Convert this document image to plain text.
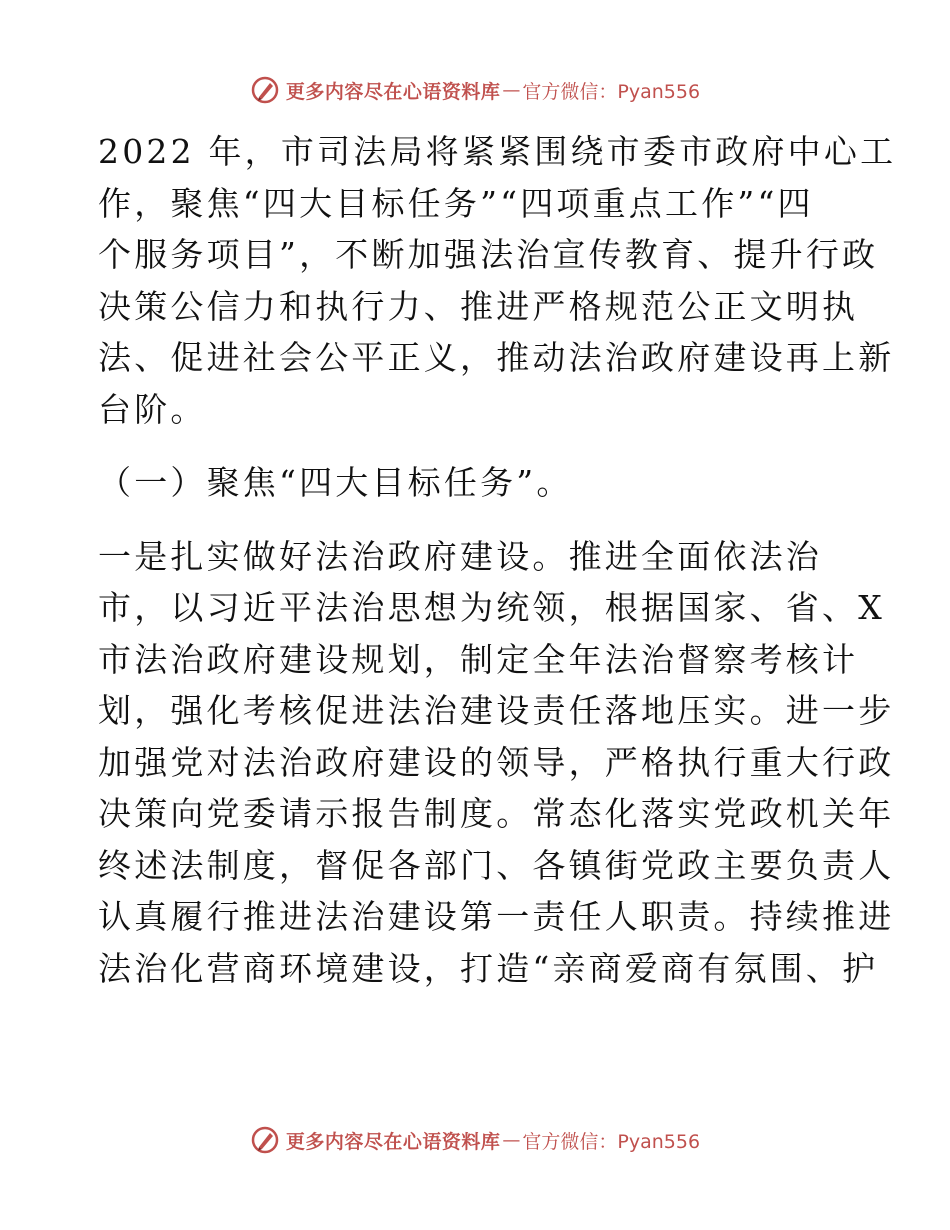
更多内容尽在心语资料库 — 官方微信：Pyan556

2022 年，市司法局将紧紧围绕市委市政府中心工
作，聚焦“四大目标任务”“四项重点工作”“四
个服务项目”，不断加强法治宣传教育、提升行政
决策公信力和执行力、推进严格规范公正文明执
法、促进社会公平正义，推动法治政府建设再上新
台阶。

（一）聚焦“四大目标任务”。

一是扎实做好法治政府建设。推进全面依法治
市，以习近平法治思想为统领，根据国家、省、X
市法治政府建设规划，制定全年法治督察考核计
划，强化考核促进法治建设责任落地压实。进一步
加强党对法治政府建设的领导，严格执行重大行政
决策向党委请示报告制度。常态化落实党政机关年
终述法制度，督促各部门、各镇街党政主要负责人
认真履行推进法治建设第一责任人职责。持续推进
法治化营商环境建设，打造“亲商爱商有氛围、护

更多内容尽在心语资料库 — 官方微信：Pyan556
